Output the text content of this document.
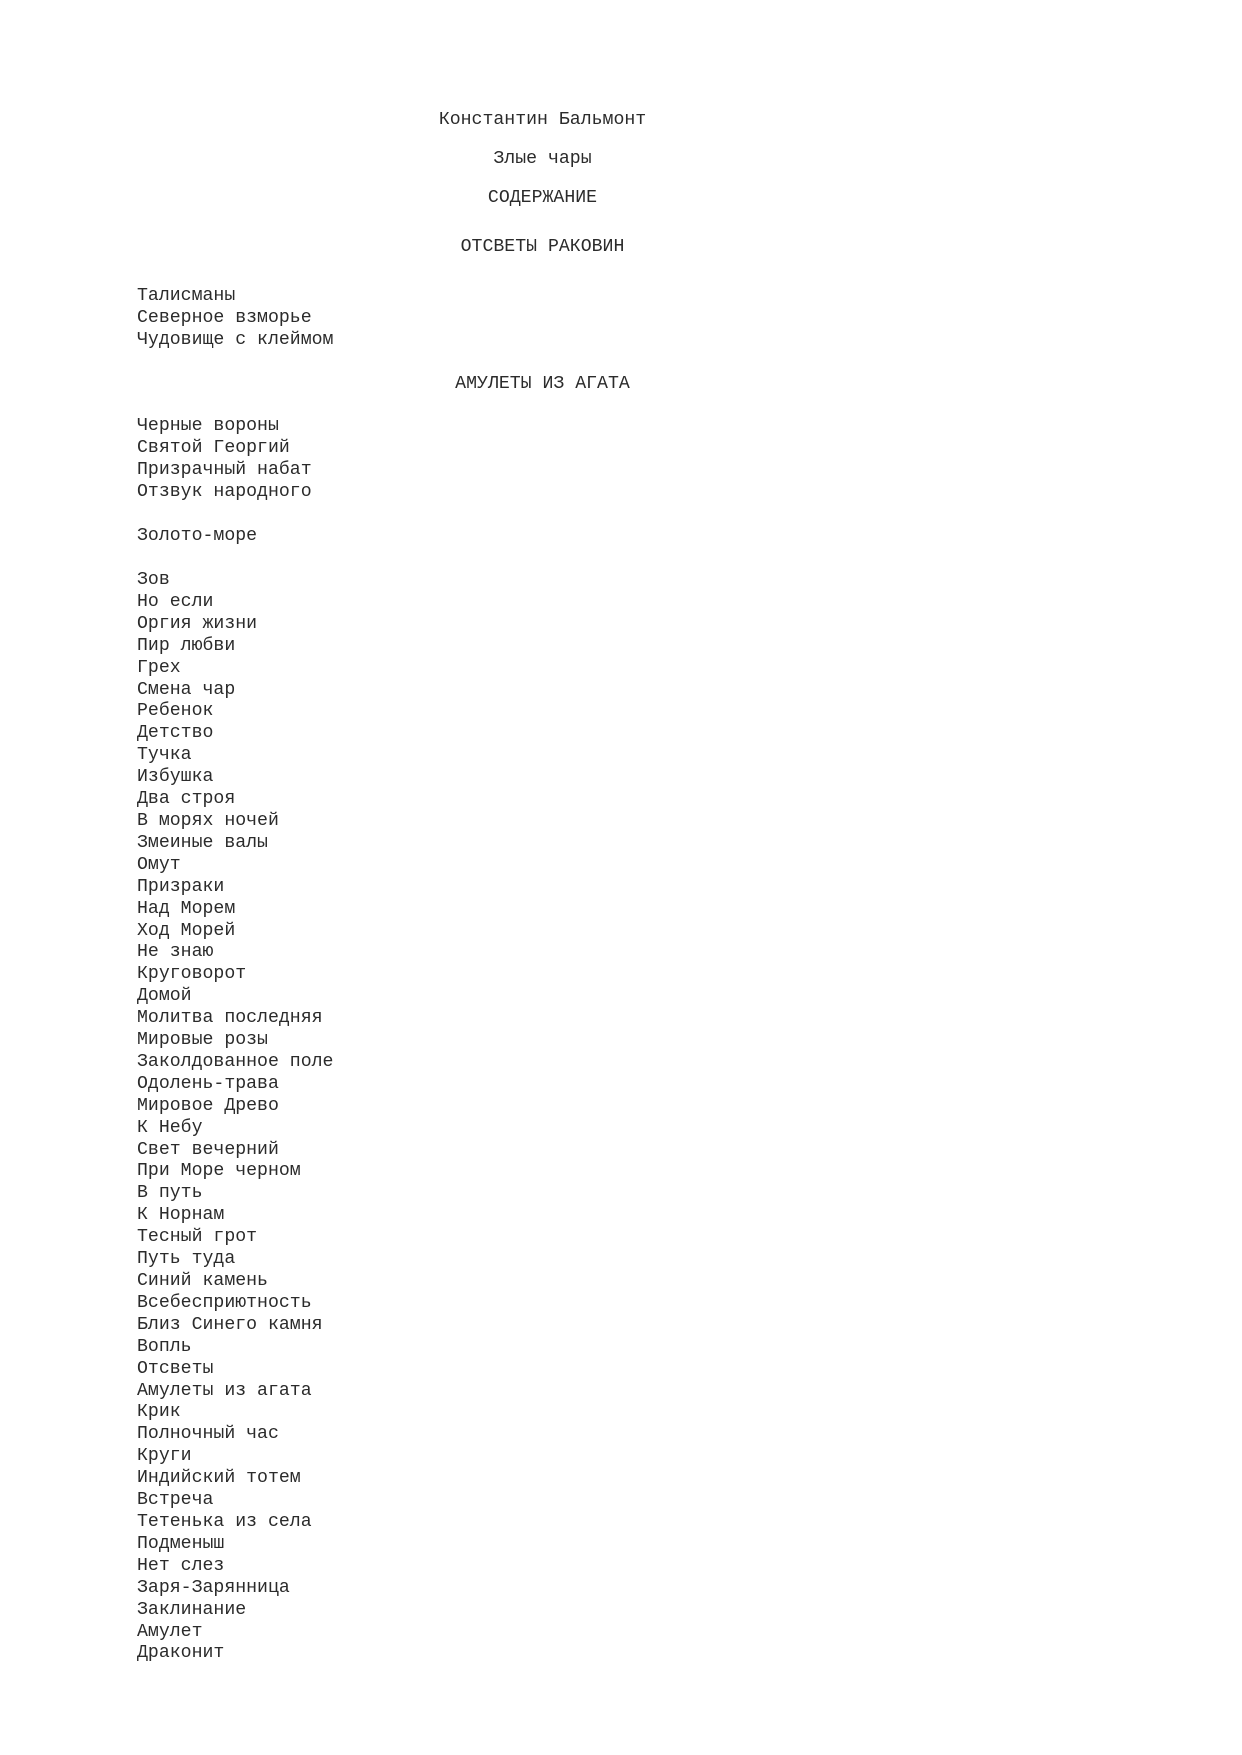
Константин Бальмонт
Злые чары
СОДЕРЖАНИЕ
ОТСВЕТЫ РАКОВИН
Талисманы
Северное взморье
Чудовище с клеймом
АМУЛЕТЫ ИЗ АГАТА
Черные вороны
Святой Георгий
Призрачный набат
Отзвук народного
Золото-море
Зов
Но если
Оргия жизни
Пир любви
Грех
Смена чар
Ребенок
Детство
Тучка
Избушка
Два строя
В морях ночей
Змеиные валы
Омут
Призраки
Над Морем
Ход Морей
Не знаю
Круговорот
Домой
Молитва последняя
Мировые розы
Заколдованное поле
Одолень-трава
Мировое Древо
К Небу
Свет вечерний
При Море черном
В путь
К Норнам
Тесный грот
Путь туда
Синий камень
Всебесприютность
Близ Синего камня
Вопль
Отсветы
Амулеты из агата
Крик
Полночный час
Круги
Индийский тотем
Встреча
Тетенька из села
Подменыш
Нет слез
Заря-Зарянница
Заклинание
Амулет
Драконит
